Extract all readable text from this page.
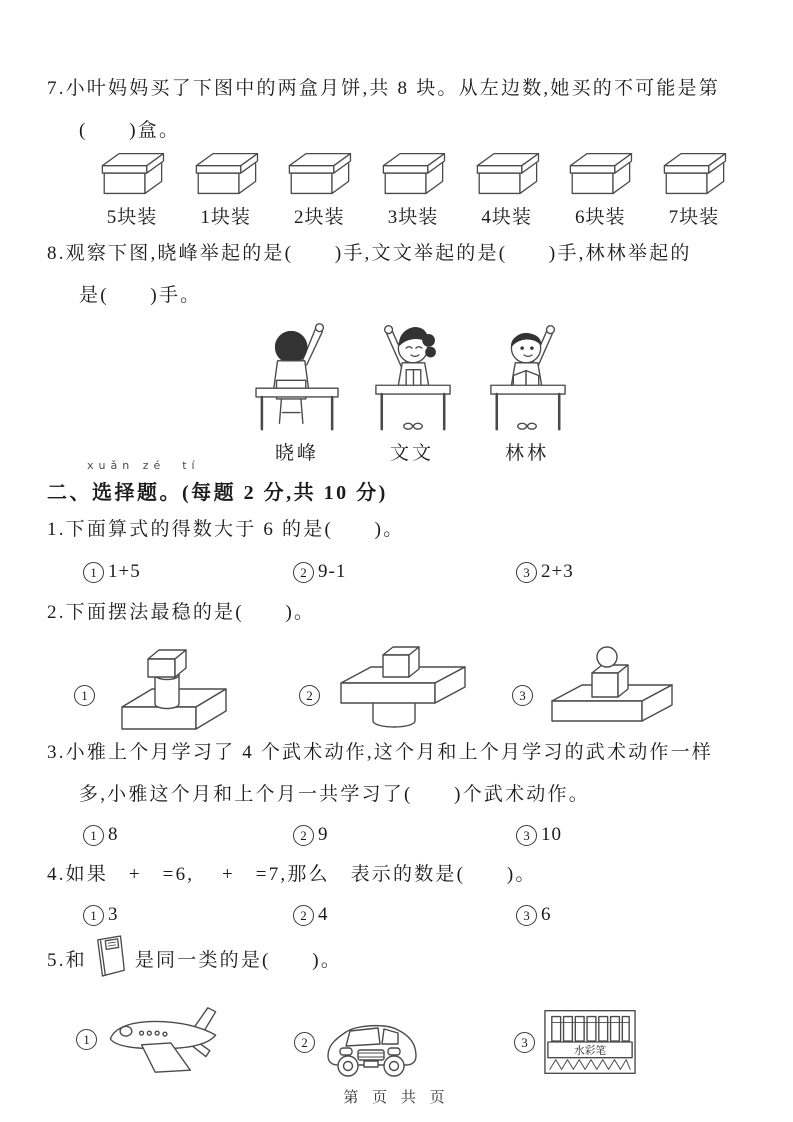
7.小叶妈妈买了下图中的两盒月饼,共 8 块。从左边数,她买的不可能是第
(      )盒。
5块装 1块装 2块装 3块装 4块装 6块装 7块装
8.观察下图,晓峰举起的是(      )手,文文举起的是(      )手,林林举起的
是(      )手。
晓峰	文文	林林
xuǎn zé  tí
二、选择题。(每题 2 分,共 10 分)
1.下面算式的得数大于 6 的是(      )。
1 1+5	2 9-1	3 2+3
2.下面摆法最稳的是(      )。
1	2	3
3.小雅上个月学习了 4 个武术动作,这个月和上个月学习的武术动作一样
多,小雅这个月和上个月一共学习了(      )个武术动作。
1 8	2 9	3 10
4.如果   +   =6,    +   =7,那么   表示的数是(      )。
1 3	2 4	3 6
5.和	是同一类的是(      )。
1	2	3
水彩笔
第 页 共 页
